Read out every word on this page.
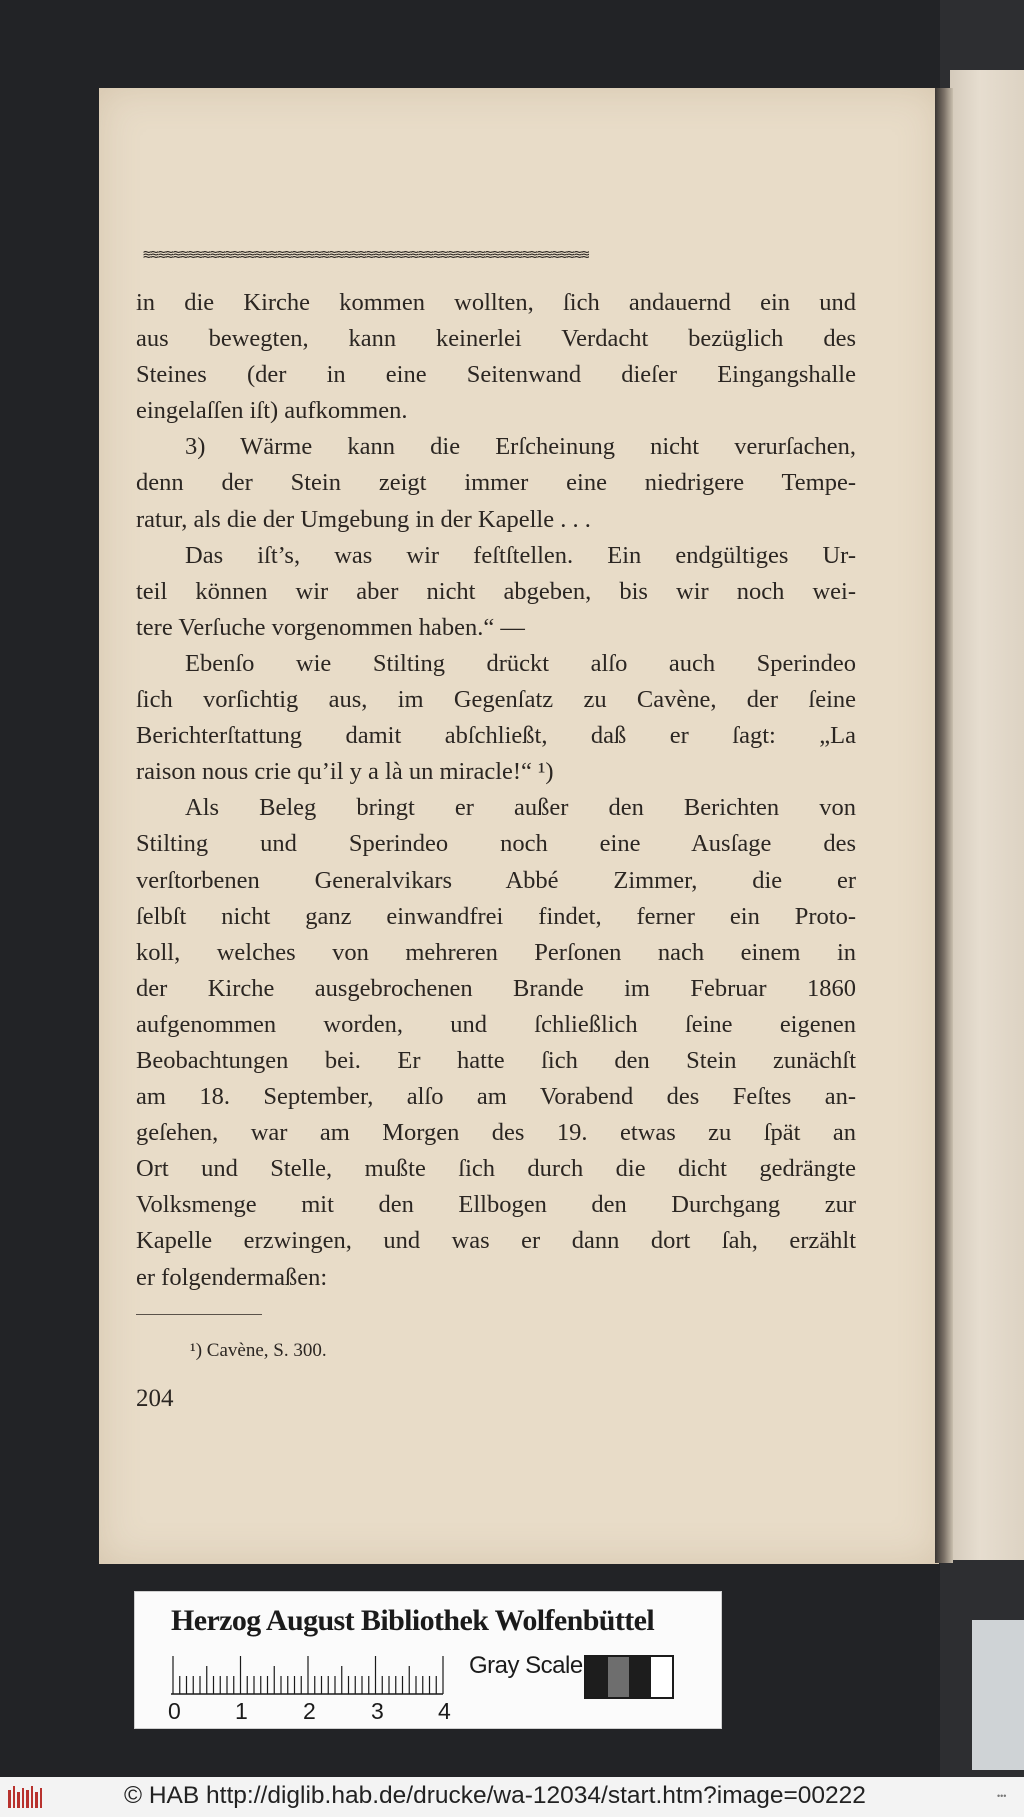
≋≋≋≋≋≋≋≋≋≋≋≋≋≋≋≋≋≋≋≋≋≋≋≋≋≋≋≋≋≋≋≋≋≋≋≋≋≋≋≋≋≋≋≋≋≋≋≋≋≋≋≋≋≋≋≋≋≋≋≋
in die Kirche kommen wollten, ſich andauernd ein und
aus bewegten, kann keinerlei Verdacht bezüglich des
Steines (der in eine Seitenwand dieſer Eingangshalle
eingelaſſen iſt) aufkommen.
3) Wärme kann die Erſcheinung nicht verurſachen,
denn der Stein zeigt immer eine niedrigere Tempe-
ratur, als die der Umgebung in der Kapelle . . .
Das iſt’s, was wir feſtſtellen. Ein endgültiges Ur-
teil können wir aber nicht abgeben, bis wir noch wei-
tere Verſuche vorgenommen haben.“ —
Ebenſo wie Stilting drückt alſo auch Sperindeo
ſich vorſichtig aus, im Gegenſatz zu Cavène, der ſeine
Berichterſtattung damit abſchließt, daß er ſagt: „La
raison nous crie qu’il y a là un miracle!“ ¹)
Als Beleg bringt er außer den Berichten von
Stilting und Sperindeo noch eine Ausſage des
verſtorbenen Generalvikars Abbé Zimmer, die er
ſelbſt nicht ganz einwandfrei findet, ferner ein Proto-
koll, welches von mehreren Perſonen nach einem in
der Kirche ausgebrochenen Brande im Februar 1860
aufgenommen worden, und ſchließlich ſeine eigenen
Beobachtungen bei. Er hatte ſich den Stein zunächſt
am 18. September, alſo am Vorabend des Feſtes an-
geſehen, war am Morgen des 19. etwas zu ſpät an
Ort und Stelle, mußte ſich durch die dicht gedrängte
Volksmenge mit den Ellbogen den Durchgang zur
Kapelle erzwingen, und was er dann dort ſah, erzählt
er folgendermaßen:
¹) Cavène, S. 300.
204
Herzog August Bibliothek Wolfenbüttel
Gray Scale
0 1 2 3 4
© HAB http://diglib.hab.de/drucke/wa-12034/start.htm?image=00222	•••
